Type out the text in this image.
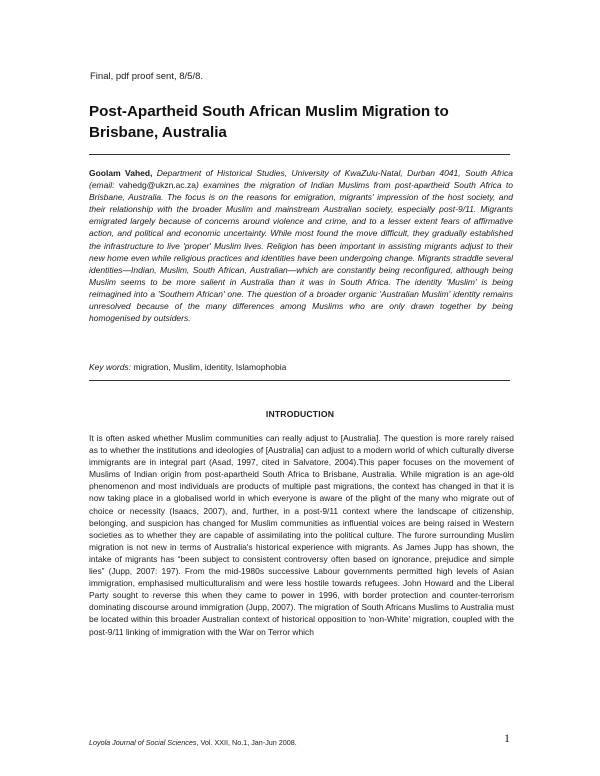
Final, pdf proof sent, 8/5/8.
Post-Apartheid South African Muslim Migration to Brisbane, Australia
Goolam Vahed, Department of Historical Studies, University of KwaZulu-Natal, Durban 4041, South Africa (email: vahedg@ukzn.ac.za) examines the migration of Indian Muslims from post-apartheid South Africa to Brisbane, Australia. The focus is on the reasons for emigration, migrants' impression of the host society, and their relationship with the broader Muslim and mainstream Australian society, especially post-9/11. Migrants emigrated largely because of concerns around violence and crime, and to a lesser extent fears of affirmative action, and political and economic uncertainty. While most found the move difficult, they gradually established the infrastructure to live 'proper' Muslim lives. Religion has been important in assisting migrants adjust to their new home even while religious practices and identities have been undergoing change. Migrants straddle several identities—Indian, Muslim, South African, Australian—which are constantly being reconfigured, although being Muslim seems to be more salient in Australia than it was in South Africa. The identity 'Muslim' is being reimagined into a 'Southern African' one. The question of a broader organic 'Australian Muslim' identity remains unresolved because of the many differences among Muslims who are only drawn together by being homogenised by outsiders.
Key words: migration, Muslim, identity, Islamophobia
INTRODUCTION
It is often asked whether Muslim communities can really adjust to [Australia]. The question is more rarely raised as to whether the institutions and ideologies of [Australia] can adjust to a modern world of which culturally diverse immigrants are in integral part (Asad, 1997, cited in Salvatore, 2004).This paper focuses on the movement of Muslims of Indian origin from post-apartheid South Africa to Brisbane, Australia. While migration is an age-old phenomenon and most individuals are products of multiple past migrations, the context has changed in that it is now taking place in a globalised world in which everyone is aware of the plight of the many who migrate out of choice or necessity (Isaacs, 2007), and, further, in a post-9/11 context where the landscape of citizenship, belonging, and suspicion has changed for Muslim communities as influential voices are being raised in Western societies as to whether they are capable of assimilating into the political culture. The furore surrounding Muslim migration is not new in terms of Australia's historical experience with migrants. As James Jupp has shown, the intake of migrants has “been subject to consistent controversy often based on ignorance, prejudice and simple lies” (Jupp, 2007: 197). From the mid-1980s successive Labour governments permitted high levels of Asian immigration, emphasised multiculturalism and were less hostile towards refugees. John Howard and the Liberal Party sought to reverse this when they came to power in 1996, with border protection and counter-terrorism dominating discourse around immigration (Jupp, 2007). The migration of South Africans Muslims to Australia must be located within this broader Australian context of historical opposition to 'non-White' migration, coupled with the post-9/11 linking of immigration with the War on Terror which
Loyola Journal of Social Sciences, Vol. XXII, No.1, Jan-Jun 2008.	1
